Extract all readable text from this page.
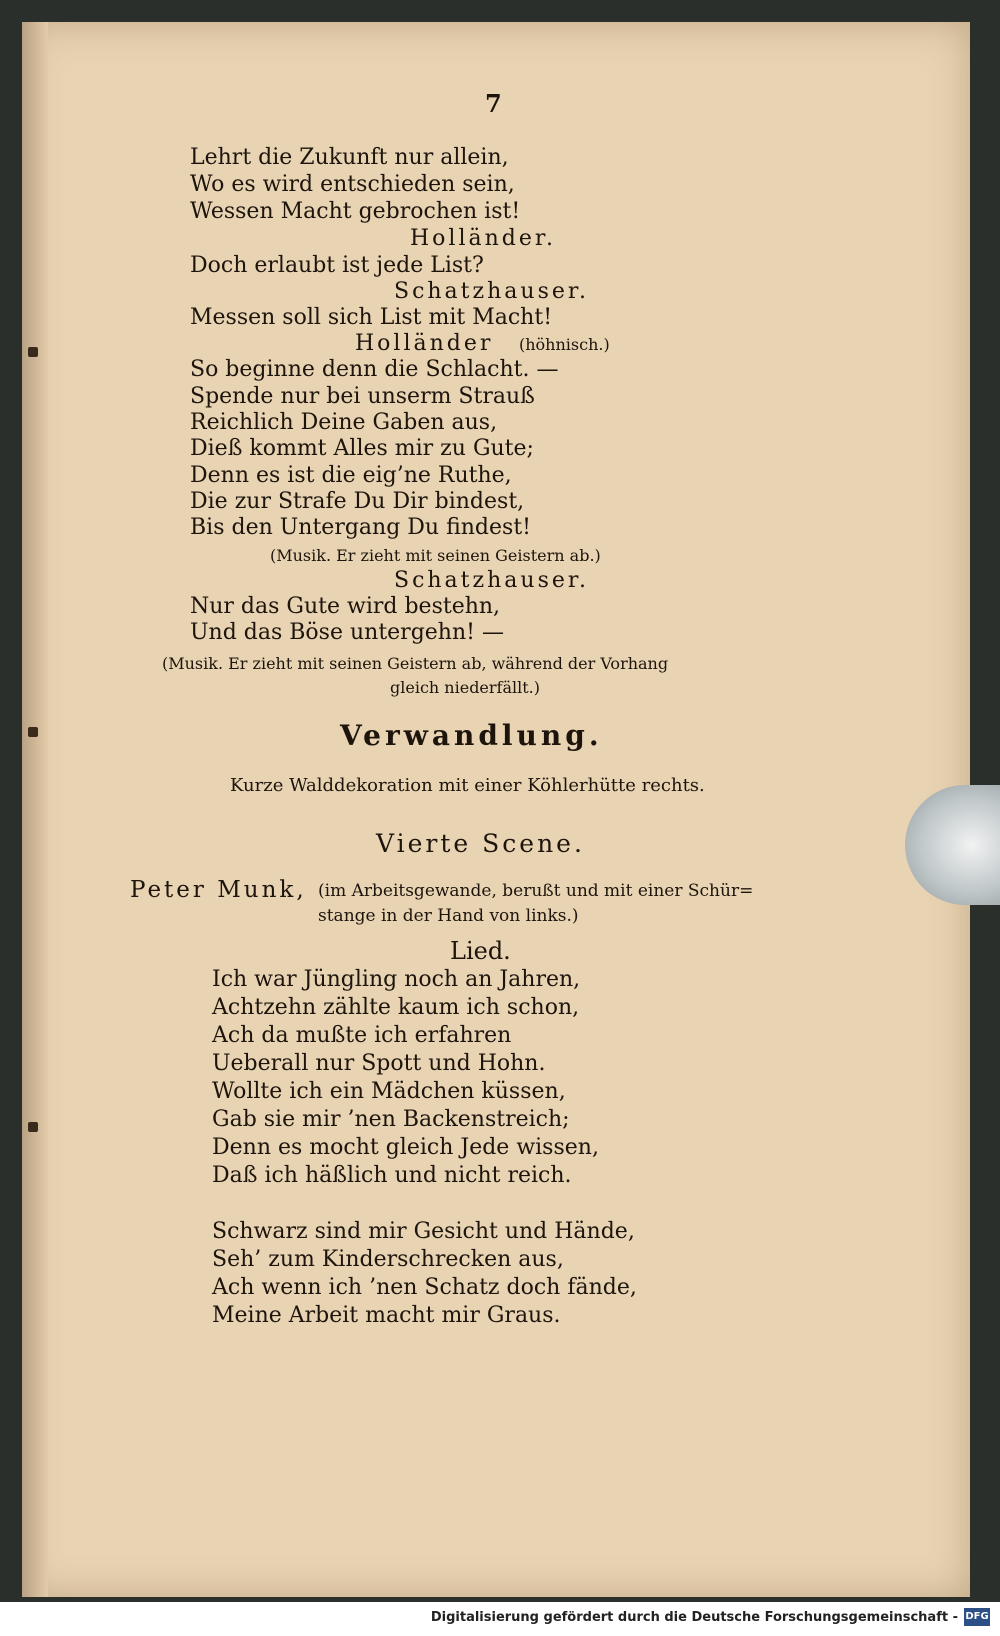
7
Lehrt die Zukunft nur allein,
Wo es wird entschieden sein,
Wessen Macht gebrochen ist!
Holländer.
Doch erlaubt ist jede List?
Schatzhauser.
Messen soll sich List mit Macht!
Holländer (höhnisch.)
So beginne denn die Schlacht. —
Spende nur bei unserm Strauß
Reichlich Deine Gaben aus,
Dieß kommt Alles mir zu Gute;
Denn es ist die eig’ne Ruthe,
Die zur Strafe Du Dir bindest,
Bis den Untergang Du findest!
(Musik. Er zieht mit seinen Geistern ab.)
Schatzhauser.
Nur das Gute wird bestehn,
Und das Böse untergehn! —
(Musik. Er zieht mit seinen Geistern ab, während der Vorhang
gleich niederfällt.)
Verwandlung.
Kurze Walddekoration mit einer Köhlerhütte rechts.
Vierte Scene.
Peter Munk, (im Arbeitsgewande, berußt und mit einer Schür=
stange in der Hand von links.)
Lied.
Ich war Jüngling noch an Jahren,
Achtzehn zählte kaum ich schon,
Ach da mußte ich erfahren
Ueberall nur Spott und Hohn.
Wollte ich ein Mädchen küssen,
Gab sie mir ’nen Backenstreich;
Denn es mocht gleich Jede wissen,
Daß ich häßlich und nicht reich.
Schwarz sind mir Gesicht und Hände,
Seh’ zum Kinderschrecken aus,
Ach wenn ich ’nen Schatz doch fände,
Meine Arbeit macht mir Graus.
Digitalisierung gefördert durch die Deutsche Forschungsgemeinschaft - DFG
